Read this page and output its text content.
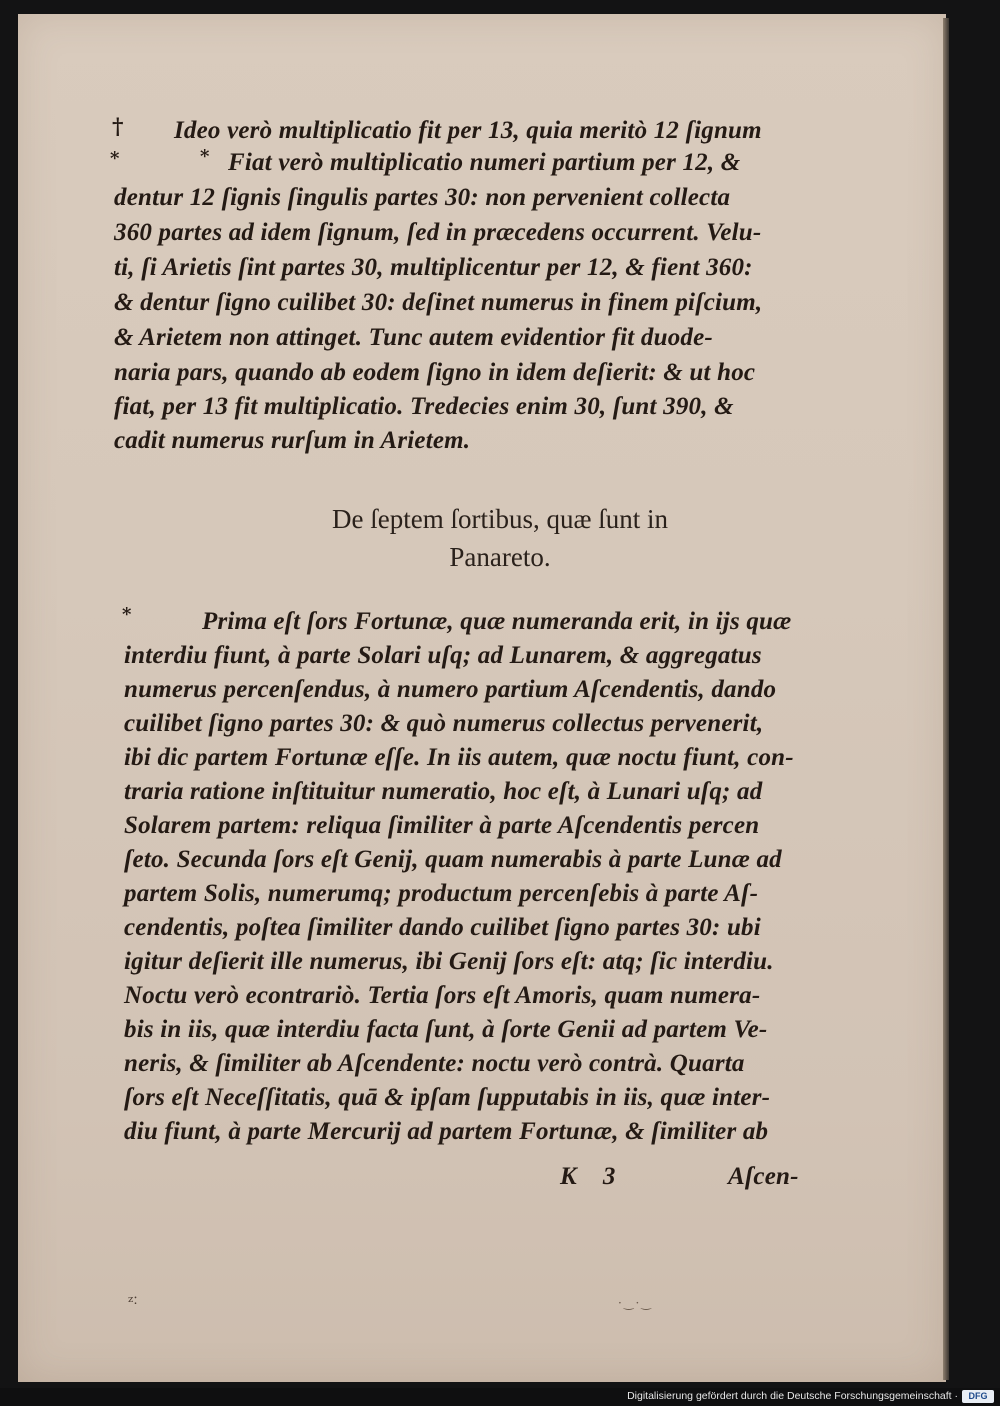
†
*	*
Ideo verò multiplicatio fit per 13, quia meritò 12 ſignum
Fiat verò multiplicatio numeri partium per 12, &
dentur 12 ſignis ſingulis partes 30: non pervenient collecta
360 partes ad idem ſignum, ſed in præcedens occurrent. Velu-
ti, ſi Arietis ſint partes 30, multiplicentur per 12, & fient 360:
& dentur ſigno cuilibet 30: deſinet numerus in finem piſcium,
& Arietem non attinget. Tunc autem evidentior fit duode-
naria pars, quando ab eodem ſigno in idem deſierit: & ut hoc
fiat, per 13 fit multiplicatio. Tredecies enim 30, ſunt 390, &
cadit numerus rurſum in Arietem.
De ſeptem ſortibus, quæ ſunt in
Panareto.
*	Prima eſt ſors Fortunæ, quæ numeranda erit, in ijs quæ
interdiu fiunt, à parte Solari uſq; ad Lunarem, & aggregatus
numerus percenſendus, à numero partium Aſcendentis, dando
cuilibet ſigno partes 30: & quò numerus collectus pervenerit,
ibi dic partem Fortunæ eſſe. In iis autem, quæ noctu fiunt, con-
traria ratione inſtituitur numeratio, hoc eſt, à Lunari uſq; ad
Solarem partem: reliqua ſimiliter à parte Aſcendentis percen
ſeto. Secunda ſors eſt Genij, quam numerabis à parte Lunæ ad
partem Solis, numerumq; productum percenſebis à parte Aſ-
cendentis, poſtea ſimiliter dando cuilibet ſigno partes 30: ubi
igitur deſierit ille numerus, ibi Genij ſors eſt: atq; ſic interdiu.
Noctu verò econtrariò. Tertia ſors eſt Amoris, quam numera-
bis in iis, quæ interdiu facta ſunt, à ſorte Genii ad partem Ve-
neris, & ſimiliter ab Aſcendente: noctu verò contrà. Quarta
ſors eſt Neceſſitatis, quā & ipſam ſupputabis in iis, quæ inter-
diu fiunt, à parte Mercurij ad partem Fortunæ, & ſimiliter ab
K 3	Aſcen-
ᶻ˸	·‿·‿
Digitalisierung gefördert durch die Deutsche Forschungsgemeinschaft ·	DFG
